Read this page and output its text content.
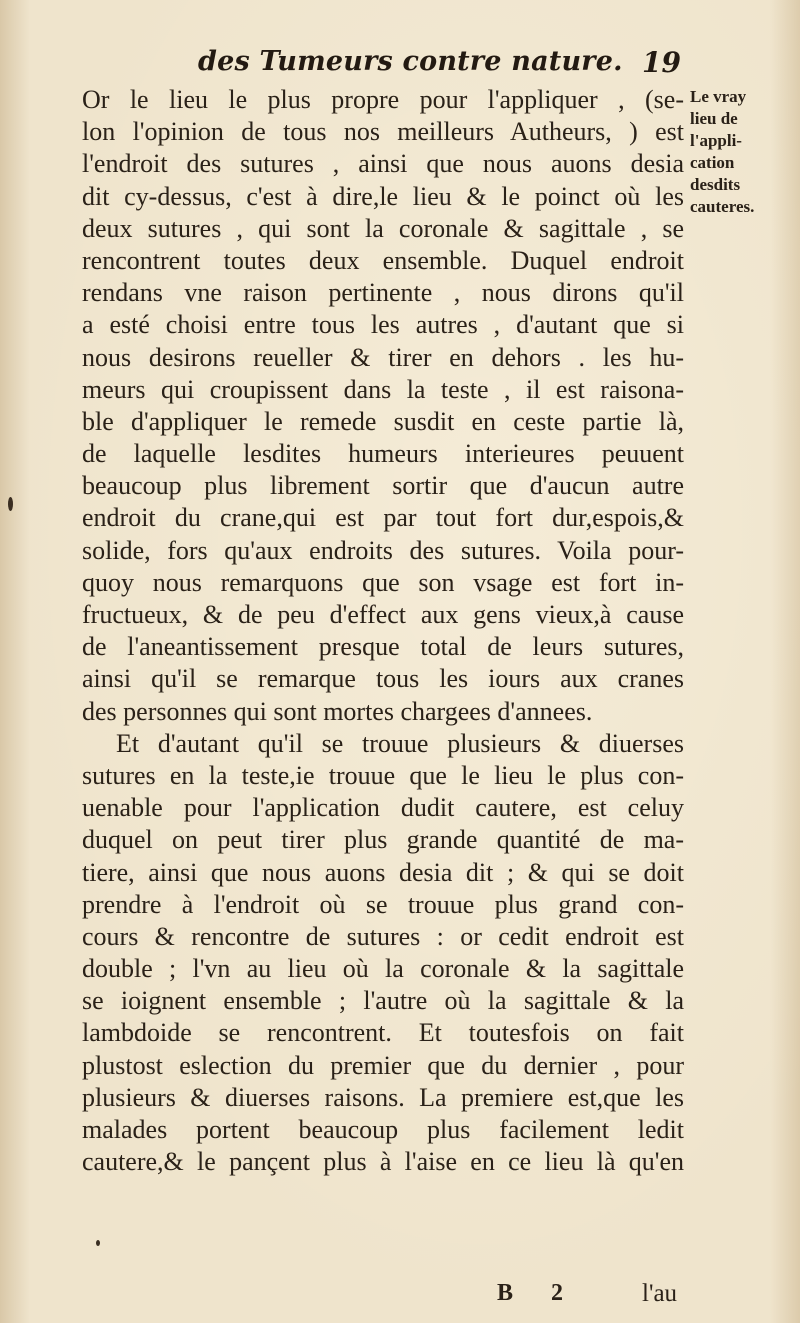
des Tumeurs contre nature. 19
Or le lieu le plus propre pour l'appliquer , (se-
lon l'opinion de tous nos meilleurs Autheurs, ) est
l'endroit des sutures , ainsi que nous auons desia
dit cy-dessus, c'est à dire,le lieu & le poinct où les
deux sutures , qui sont la coronale & sagittale , se
rencontrent toutes deux ensemble. Duquel endroit
rendans vne raison pertinente , nous dirons qu'il
a esté choisi entre tous les autres , d'autant que si
nous desirons reueller & tirer en dehors . les hu-
meurs qui croupissent dans la teste , il est raisona-
ble d'appliquer le remede susdit en ceste partie là,
de laquelle lesdites humeurs interieures peuuent
beaucoup plus librement sortir que d'aucun autre
endroit du crane,qui est par tout fort dur,espois,&
solide, fors qu'aux endroits des sutures. Voila pour-
quoy nous remarquons que son vsage est fort in-
fructueux, & de peu d'effect aux gens vieux,à cause
de l'aneantissement presque total de leurs sutures,
ainsi qu'il se remarque tous les iours aux cranes
des personnes qui sont mortes chargees d'annees.
Et d'autant qu'il se trouue plusieurs & diuerses
sutures en la teste,ie trouue que le lieu le plus con-
uenable pour l'application dudit cautere, est celuy
duquel on peut tirer plus grande quantité de ma-
tiere, ainsi que nous auons desia dit ; & qui se doit
prendre à l'endroit où se trouue plus grand con-
cours & rencontre de sutures : or cedit endroit est
double ; l'vn au lieu où la coronale & la sagittale
se ioignent ensemble ; l'autre où la sagittale & la
lambdoide se rencontrent. Et toutesfois on fait
plustost eslection du premier que du dernier , pour
plusieurs & diuerses raisons. La premiere est,que les
malades portent beaucoup plus facilement ledit
cautere,& le pançent plus à l'aise en ce lieu là qu'en
Le vray
lieu de
l'appli-
cation
desdits
cauteres.
B 2	l'au
